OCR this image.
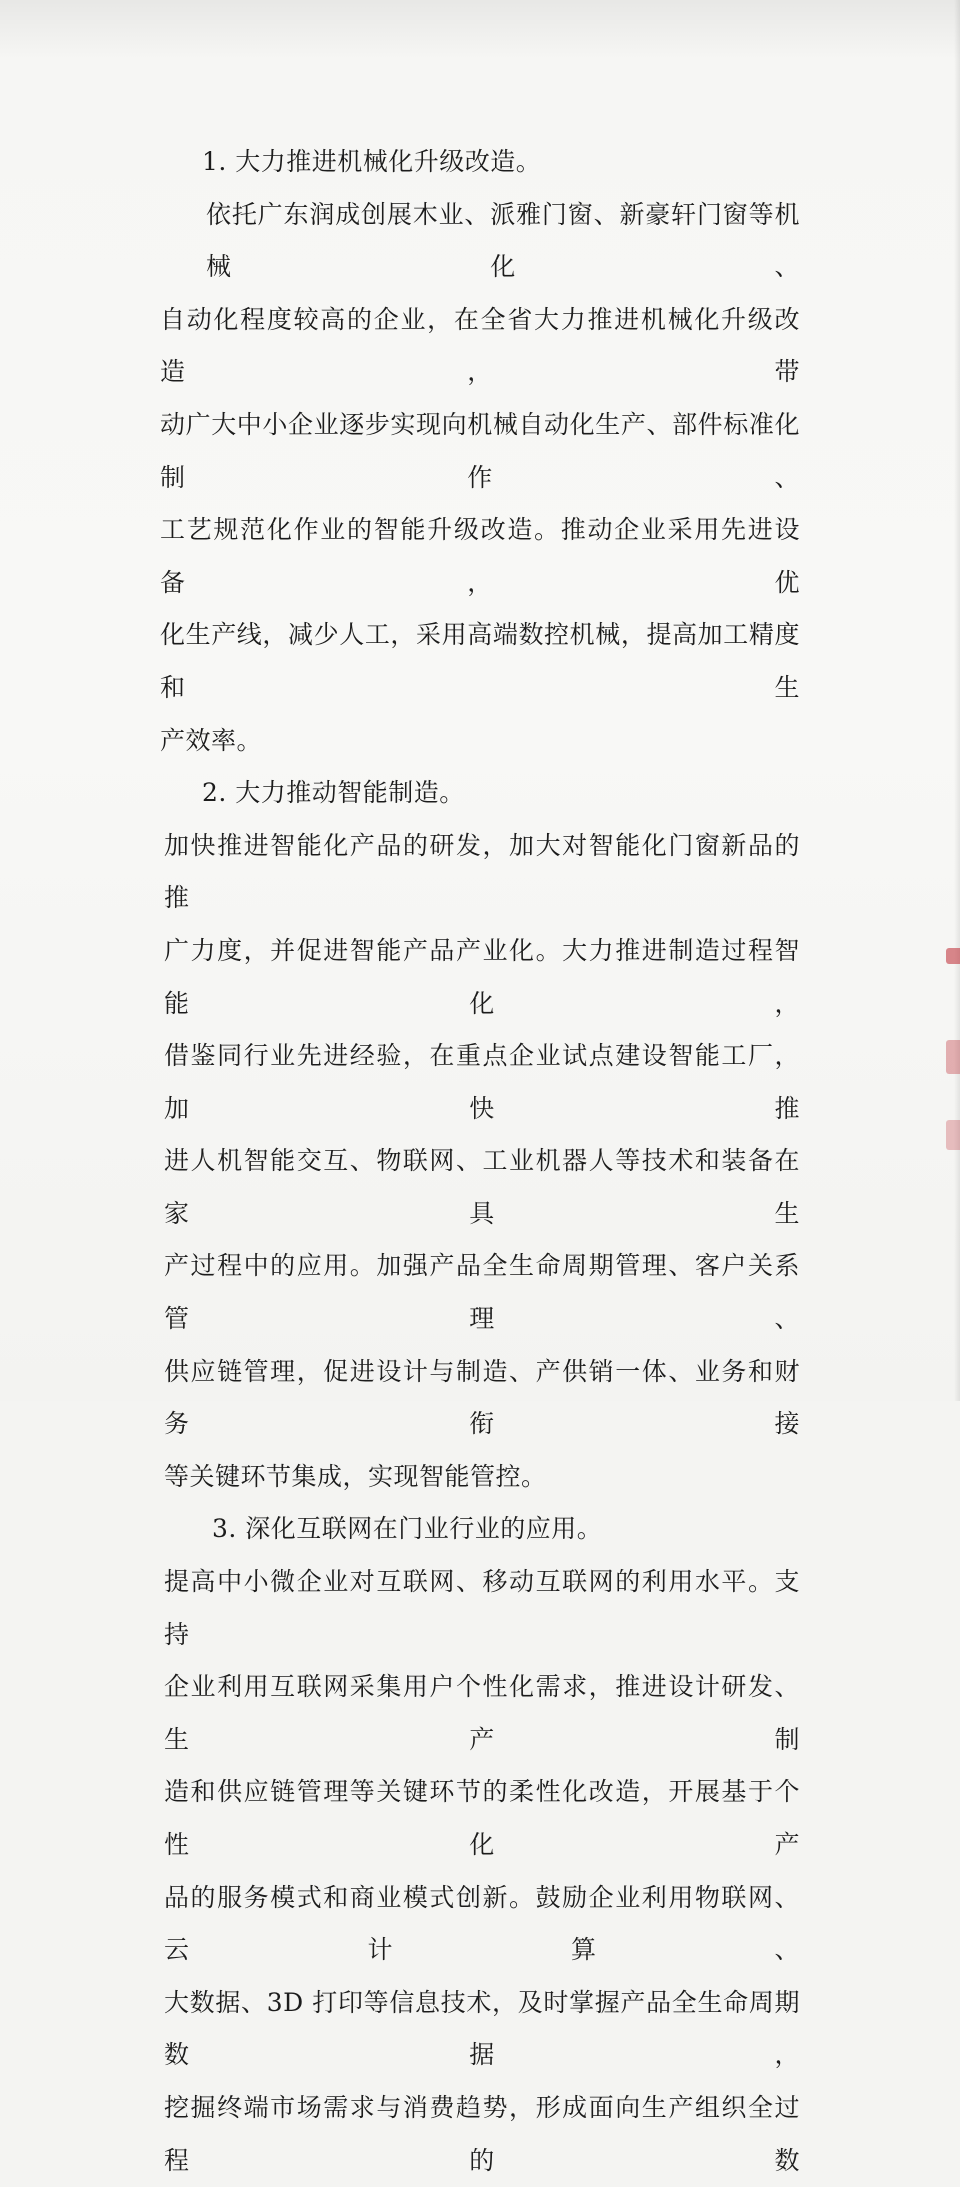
1. 大力推进机械化升级改造。

依托广东润成创展木业、派雅门窗、新豪轩门窗等机械化、

自动化程度较高的企业，在全省大力推进机械化升级改造，带

动广大中小企业逐步实现向机械自动化生产、部件标准化制作、

工艺规范化作业的智能升级改造。推动企业采用先进设备，优

化生产线，减少人工，采用高端数控机械，提高加工精度和生

产效率。

2. 大力推动智能制造。

加快推进智能化产品的研发，加大对智能化门窗新品的推

广力度，并促进智能产品产业化。大力推进制造过程智能化，

借鉴同行业先进经验，在重点企业试点建设智能工厂，加快推

进人机智能交互、物联网、工业机器人等技术和装备在家具生

产过程中的应用。加强产品全生命周期管理、客户关系管理、

供应链管理，促进设计与制造、产供销一体、业务和财务衔接

等关键环节集成，实现智能管控。

3. 深化互联网在门业行业的应用。

提高中小微企业对互联网、移动互联网的利用水平。支持

企业利用互联网采集用户个性化需求，推进设计研发、生产制

造和供应链管理等关键环节的柔性化改造，开展基于个性化产

品的服务模式和商业模式创新。鼓励企业利用物联网、云计算、

大数据、3D 打印等信息技术，及时掌握产品全生命周期数据，

挖掘终端市场需求与消费趋势，形成面向生产组织全过程的数
